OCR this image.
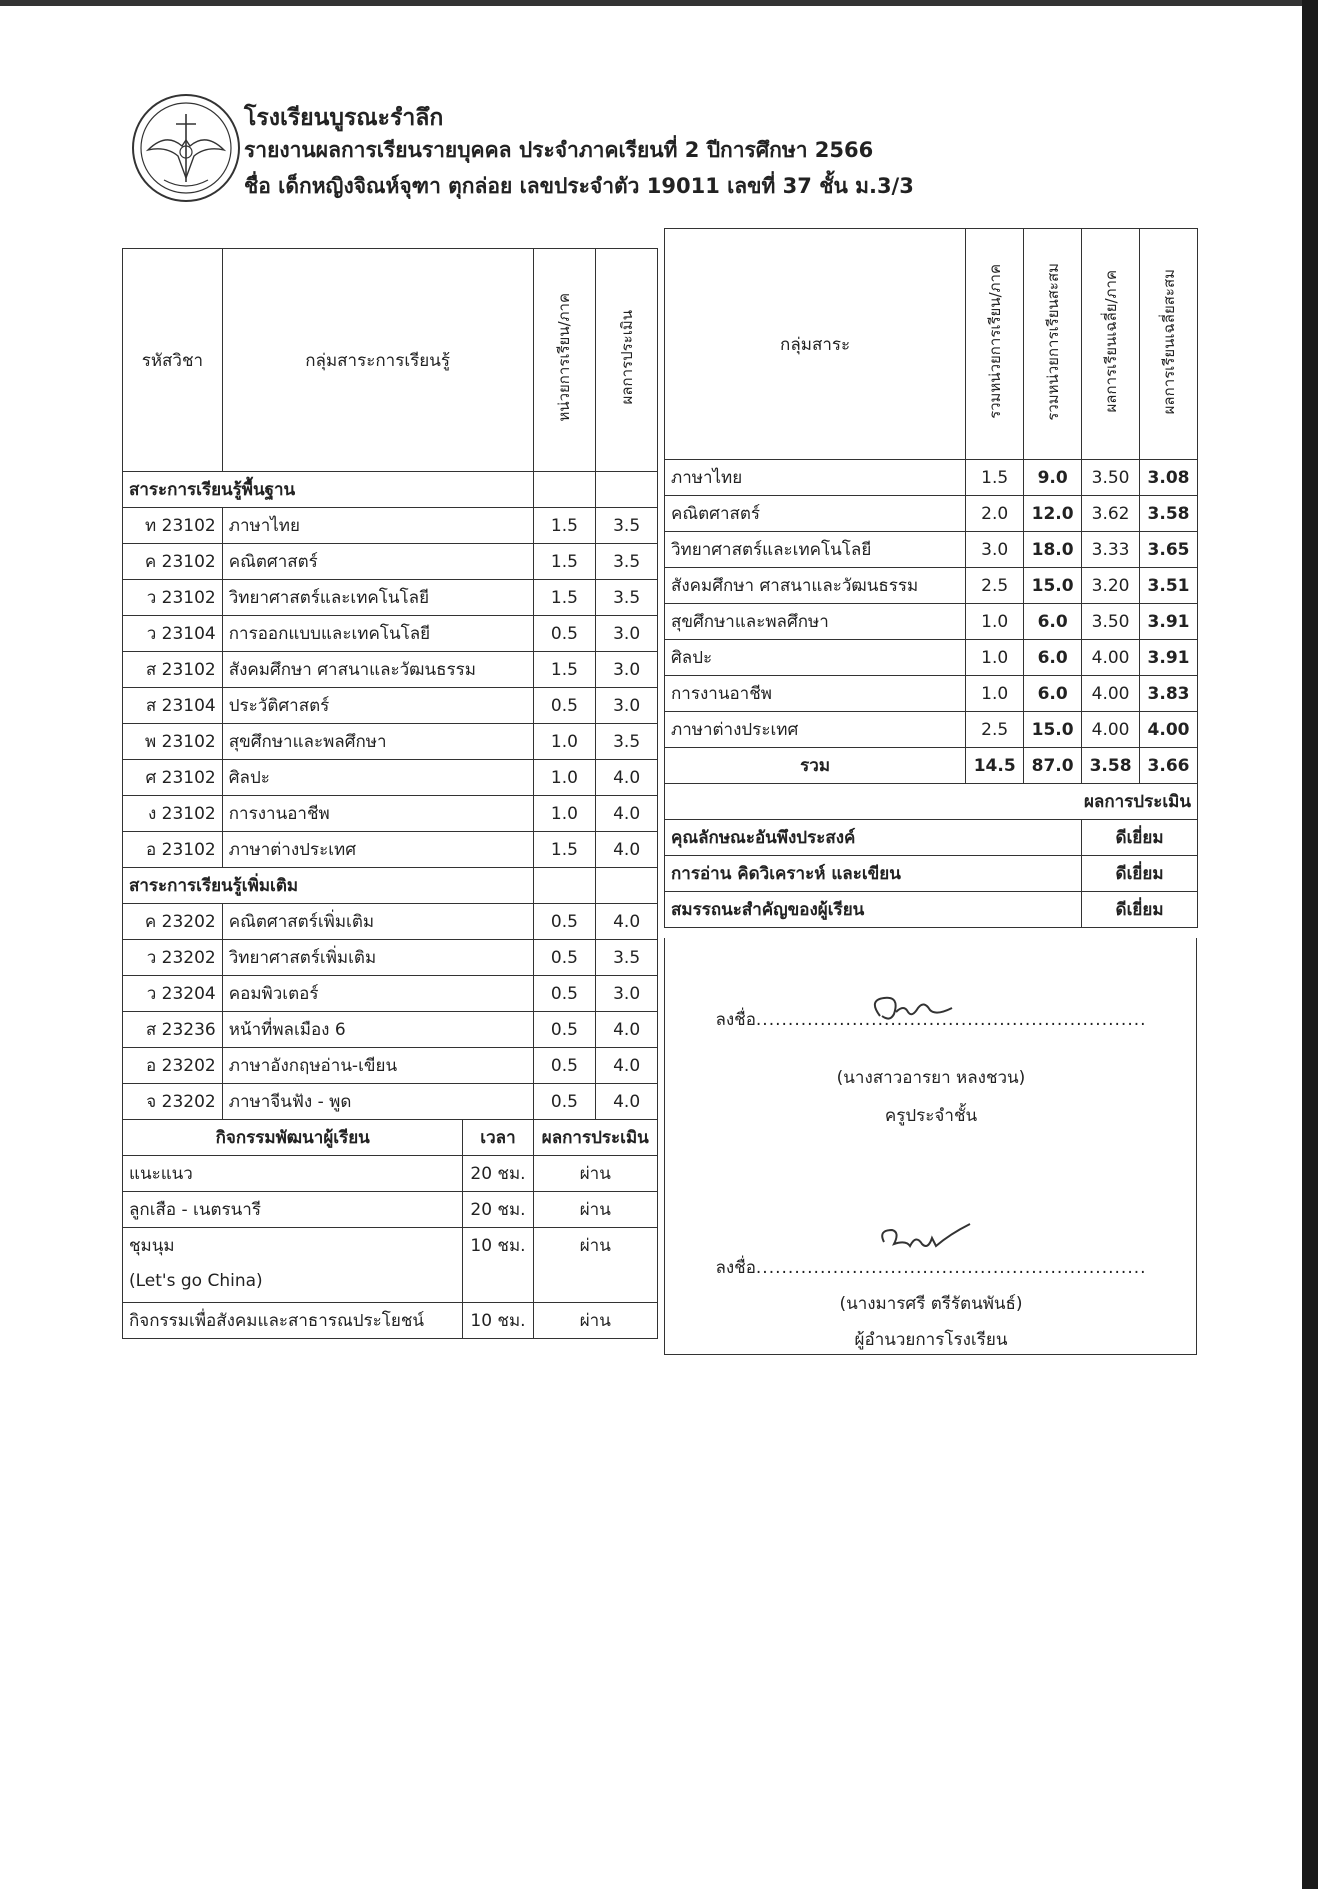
โรงเรียนบูรณะรำลึก
รายงานผลการเรียนรายบุคคล ประจำภาคเรียนที่ 2 ปีการศึกษา 2566
ชื่อ เด็กหญิงจิณห์จุฑา ตุกล่อย เลขประจำตัว 19011 เลขที่ 37 ชั้น ม.3/3
รหัสวิชา	กลุ่มสาระการเรียนรู้		หน่วยการเรียน/ภาค	ผลการประเมิน
สาระการเรียนรู้พื้นฐาน				
ท 23102	ภาษาไทย		1.5	3.5
ค 23102	คณิตศาสตร์		1.5	3.5
ว 23102	วิทยาศาสตร์และเทคโนโลยี		1.5	3.5
ว 23104	การออกแบบและเทคโนโลยี		0.5	3.0
ส 23102	สังคมศึกษา ศาสนาและวัฒนธรรม		1.5	3.0
ส 23104	ประวัติศาสตร์		0.5	3.0
พ 23102	สุขศึกษาและพลศึกษา		1.0	3.5
ศ 23102	ศิลปะ		1.0	4.0
ง 23102	การงานอาชีพ		1.0	4.0
อ 23102	ภาษาต่างประเทศ		1.5	4.0
สาระการเรียนรู้เพิ่มเติม				
ค 23202	คณิตศาสตร์เพิ่มเติม		0.5	4.0
ว 23202	วิทยาศาสตร์เพิ่มเติม		0.5	3.5
ว 23204	คอมพิวเตอร์		0.5	3.0
ส 23236	หน้าที่พลเมือง 6		0.5	4.0
อ 23202	ภาษาอังกฤษอ่าน-เขียน		0.5	4.0
จ 23202	ภาษาจีนฟัง - พูด		0.5	4.0
กิจกรรมพัฒนาผู้เรียน		เวลา	ผลการประเมิน	

แนะแนว		20 ชม.	ผ่าน	

ลูกเสือ - เนตรนารี		20 ชม.	ผ่าน	

ชุมนุม
(Let's go China)		10 ชม.	ผ่าน	

กิจกรรมเพื่อสังคมและสาธารณประโยชน์		10 ชม.	ผ่าน	
กลุ่มสาระ	รวมหน่วยการเรียน/ภาค	รวมหน่วยการเรียนสะสม	ผลการเรียนเฉลี่ย/ภาค	ผลการเรียนเฉลี่ยสะสม
ภาษาไทย	1.5	9.0	3.50	3.08
คณิตศาสตร์	2.0	12.0	3.62	3.58
วิทยาศาสตร์และเทคโนโลยี	3.0	18.0	3.33	3.65
สังคมศึกษา ศาสนาและวัฒนธรรม	2.5	15.0	3.20	3.51
สุขศึกษาและพลศึกษา	1.0	6.0	3.50	3.91
ศิลปะ	1.0	6.0	4.00	3.91
การงานอาชีพ	1.0	6.0	4.00	3.83
ภาษาต่างประเทศ	2.5	15.0	4.00	4.00
รวม	14.5	87.0	3.58	3.66
ผลการประเมิน				
คุณลักษณะอันพึงประสงค์			ดีเยี่ยม	
การอ่าน คิดวิเคราะห์ และเขียน			ดีเยี่ยม	
สมรรถนะสำคัญของผู้เรียน			ดีเยี่ยม	
ลงชื่อ.............................................................
(นางสาวอารยา หลงชวน)
ครูประจำชั้น
ลงชื่อ.............................................................
(นางมารศรี ตรีรัตนพันธ์)
ผู้อำนวยการโรงเรียน
